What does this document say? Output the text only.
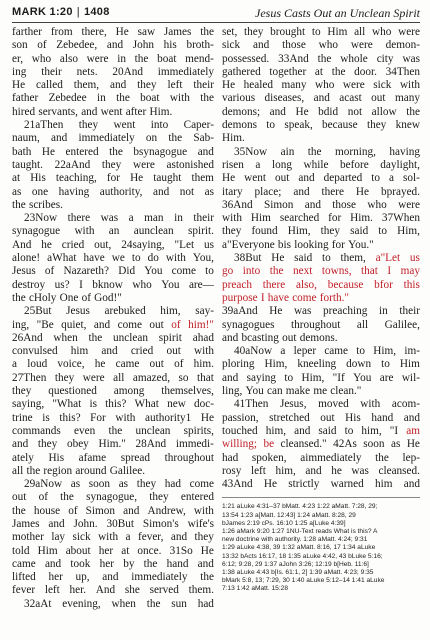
MARK 1:20 | 1408	Jesus Casts Out an Unclean Spirit
farther from there, He saw James the
son of Zebedee, and John his broth-
er, who also were in the boat mend-
ing their nets. 20And immediately
He called them, and they left their
father Zebedee in the boat with the
hired servants, and went after Him.
21aThen they went into Caper-
naum, and immediately on the Sab-
bath He entered the bsynagogue and
taught. 22aAnd they were astonished
at His teaching, for He taught them
as one having authority, and not as
the scribes.
23Now there was a man in their
synagogue with an aunclean spirit.
And he cried out, 24saying, "Let us
alone! aWhat have we to do with You,
Jesus of Nazareth? Did You come to
destroy us? I bknow who You are—
the cHoly One of God!"
25But Jesus arebuked him, say-
ing, "Be quiet, and come out of him!"
26And when the unclean spirit ahad
convulsed him and cried out with
a loud voice, he came out of him.
27Then they were all amazed, so that
they questioned among themselves,
saying, "What is this? What new doc-
trine is this? For with authority1 He
commands even the unclean spirits,
and they obey Him." 28And immedi-
ately His afame spread throughout
all the region around Galilee.
29aNow as soon as they had come
out of the synagogue, they entered
the house of Simon and Andrew, with
James and John. 30But Simon's wife's
mother lay sick with a fever, and they
told Him about her at once. 31So He
came and took her by the hand and
lifted her up, and immediately the
fever left her. And she served them.
32aAt evening, when the sun had
set, they brought to Him all who were
sick and those who were demon-
possessed. 33And the whole city was
gathered together at the door. 34Then
He healed many who were sick with
various diseases, and acast out many
demons; and He bdid not allow the
demons to speak, because they knew
Him.
35Now ain the morning, having
risen a long while before daylight,
He went out and departed to a sol-
itary place; and there He bprayed.
36And Simon and those who were
with Him searched for Him. 37When
they found Him, they said to Him,
a"Everyone bis looking for You."
38But He said to them, a"Let us
go into the next towns, that I may
preach there also, because bfor this
purpose I have come forth."
39aAnd He was preaching in their
synagogues throughout all Galilee,
and bcasting out demons.
40aNow a leper came to Him, im-
ploring Him, kneeling down to Him
and saying to Him, "If You are wil-
ling, You can make me clean."
41Then Jesus, moved with acom-
passion, stretched out His hand and
touched him, and said to him, "I am
willing; be cleansed." 42As soon as He
had spoken, aimmediately the lep-
rosy left him, and he was cleansed.
43And He strictly warned him and
1:21 aLuke 4:31–37 bMatt. 4:23 1:22 aMatt. 7:28, 29;
13:54 1:23 a[Matt. 12:43] 1:24 aMatt. 8:28, 29
bJames 2:19 cPs. 16:10 1:25 a[Luke 4:39]
1:26 aMark 9:20 1:27 1NU-Text reads What is this? A
new doctrine with authority. 1:28 aMatt. 4:24; 9:31
1:29 aLuke 4:38, 39 1:32 aMatt. 8:16, 17 1:34 aLuke
13:32 bActs 16:17, 18 1:35 aLuke 4:42, 43 bLuke 5:16;
6:12; 9:28, 29 1:37 aJohn 3:26; 12:19 b[Heb. 11:6]
1:38 aLuke 4:43 b[Is. 61:1, 2] 1:39 aMatt. 4:23; 9:35
bMark 5:8, 13; 7:29, 30 1:40 aLuke 5:12–14 1:41 aLuke
7:13 1:42 aMatt. 15:28
